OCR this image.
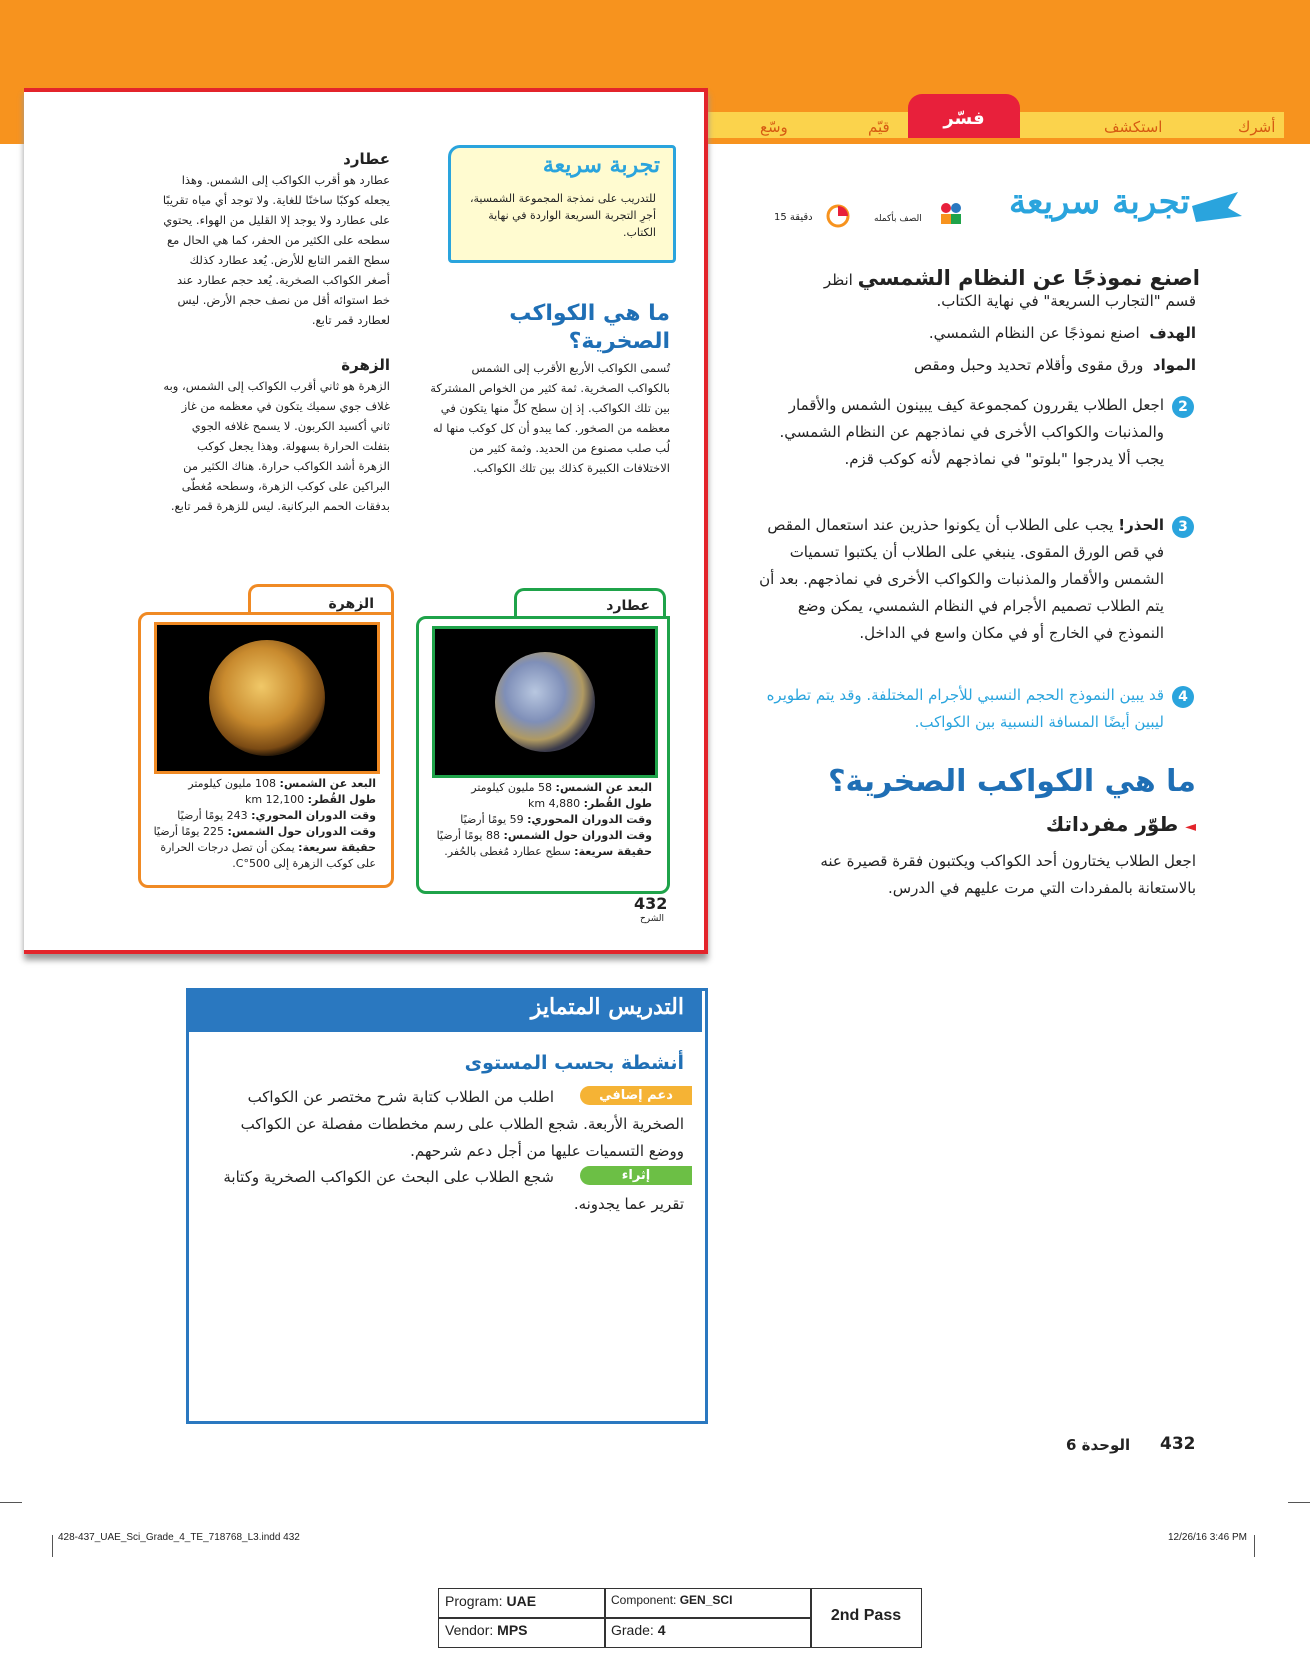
أشرك
استكشف
فسّر
قيّم
وسّع
تجربة سريعة
للتدريب على نمذجة المجموعة الشمسية، أجرِ التجربة السريعة الواردة في نهاية الكتاب.
ما هي الكواكب الصخرية؟
تُسمى الكواكب الأربع الأقرب إلى الشمس بالكواكب الصخرية. ثمة كثير من الخواص المشتركة بين تلك الكواكب. إذ إن سطح كلٍّ منها يتكون في معظمه من الصخور. كما يبدو أن كل كوكب منها له لُب صلب مصنوع من الحديد. وثمة كثير من الاختلافات الكبيرة كذلك بين تلك الكواكب.
عطارد
عطارد هو أقرب الكواكب إلى الشمس. وهذا يجعله كوكبًا ساخنًا للغاية. ولا توجد أي مياه تقريبًا على عطارد ولا يوجد إلا القليل من الهواء. يحتوي سطحه على الكثير من الحفر، كما هي الحال مع سطح القمر التابع للأرض. يُعد عطارد كذلك أصغر الكواكب الصخرية. يُعد حجم عطارد عند خط استوائه أقل من نصف حجم الأرض. ليس لعطارد قمر تابع.
الزهرة
الزهرة هو ثاني أقرب الكواكب إلى الشمس، وبه غلاف جوي سميك يتكون في معظمه من غاز ثاني أكسيد الكربون. لا يسمح غلافه الجوي بتفلت الحرارة بسهولة. وهذا يجعل كوكب الزهرة أشد الكواكب حرارة. هناك الكثير من البراكين على كوكب الزهرة، وسطحه مُغطّى بدفقات الحمم البركانية. ليس للزهرة قمر تابع.
عطارد
البعد عن الشمس: 58 مليون كيلومتر
طول القُطر: 4,880 km
وقت الدوران المحوري: 59 يومًا أرضيًا
وقت الدوران حول الشمس: 88 يومًا أرضيًا
حقيقة سريعة: سطح عطارد مُغطى بالحُفر.
الزهرة
البعد عن الشمس: 108 مليون كيلومتر
طول القُطر: 12,100 km
وقت الدوران المحوري: 243 يومًا أرضيًا
وقت الدوران حول الشمس: 225 يومًا أرضيًا
حقيقة سريعة: يمكن أن تصل درجات الحرارة على كوكب الزهرة إلى 500°C.
432
الشرح
تجربة سريعة
الصف بأكمله
15 دقيقة
اصنع نموذجًا عن النظام الشمسي انظر
قسم "التجارب السريعة" في نهاية الكتاب.
الهدف  اصنع نموذجًا عن النظام الشمسي.
المواد  ورق مقوى وأقلام تحديد وحبل ومقص
2
اجعل الطلاب يقررون كمجموعة كيف يبينون الشمس والأقمار والمذنبات والكواكب الأخرى في نماذجهم عن النظام الشمسي. يجب ألا يدرجوا "بلوتو" في نماذجهم لأنه كوكب قزم.
3
الحذر! يجب على الطلاب أن يكونوا حذرين عند استعمال المقص في قص الورق المقوى. ينبغي على الطلاب أن يكتبوا تسميات الشمس والأقمار والمذنبات والكواكب الأخرى في نماذجهم. بعد أن يتم الطلاب تصميم الأجرام في النظام الشمسي، يمكن وضع النموذج في الخارج أو في مكان واسع في الداخل.
4
قد يبين النموذج الحجم النسبي للأجرام المختلفة. وقد يتم تطويره ليبين أيضًا المسافة النسبية بين الكواكب.
ما هي الكواكب الصخرية؟
◄ طوّر مفرداتك
اجعل الطلاب يختارون أحد الكواكب ويكتبون فقرة قصيرة عنه بالاستعانة بالمفردات التي مرت عليهم في الدرس.
التدريس المتمايز
أنشطة بحسب المستوى
دعم إضافي
اطلب من الطلاب كتابة شرح مختصر عن الكواكب الصخرية الأربعة. شجع الطلاب على رسم مخططات مفصلة عن الكواكب ووضع التسميات عليها من أجل دعم شرحهم.
إثراء
شجع الطلاب على البحث عن الكواكب الصخرية وكتابة تقرير عما يجدونه.
432
الوحدة 6
428-437_UAE_Sci_Grade_4_TE_718768_L3.indd 432	12/26/16 3:46 PM
Program: UAE	Component: GEN_SCI
Vendor: MPS	Grade: 4
2nd Pass
